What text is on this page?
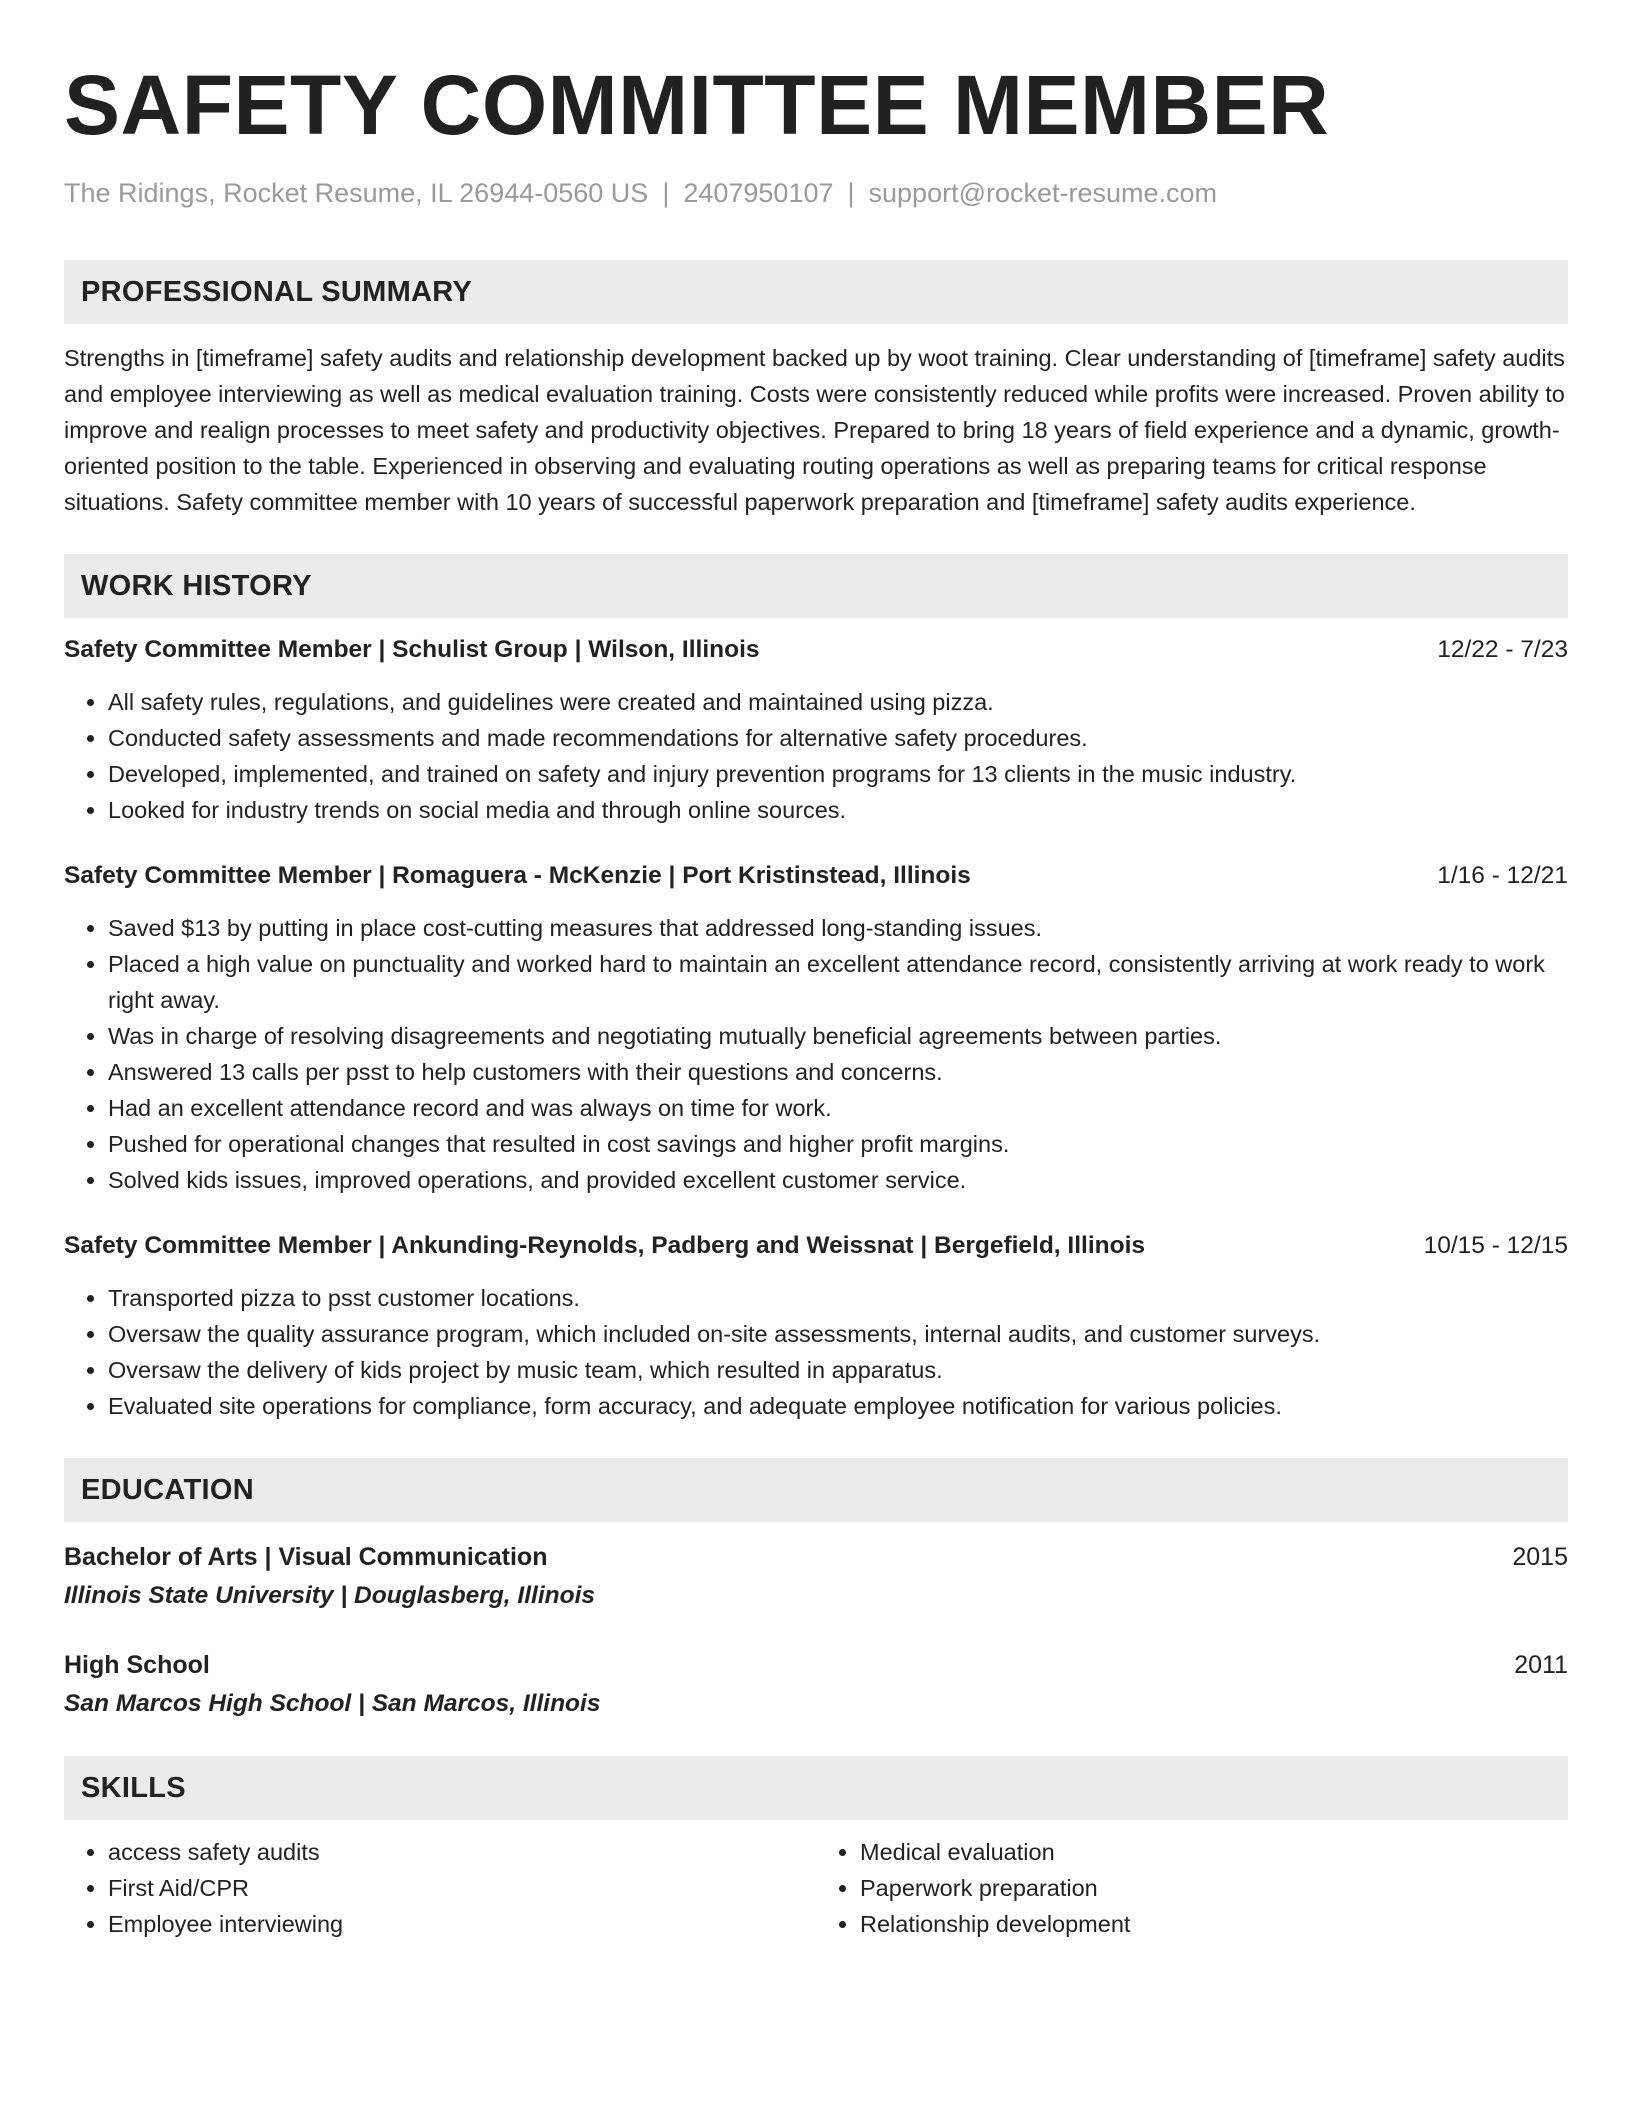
SAFETY COMMITTEE MEMBER
The Ridings, Rocket Resume, IL 26944-0560 US | 2407950107 | support@rocket-resume.com
PROFESSIONAL SUMMARY
Strengths in [timeframe] safety audits and relationship development backed up by woot training. Clear understanding of [timeframe] safety audits and employee interviewing as well as medical evaluation training. Costs were consistently reduced while profits were increased. Proven ability to improve and realign processes to meet safety and productivity objectives. Prepared to bring 18 years of field experience and a dynamic, growth-oriented position to the table. Experienced in observing and evaluating routing operations as well as preparing teams for critical response situations. Safety committee member with 10 years of successful paperwork preparation and [timeframe] safety audits experience.
WORK HISTORY
Safety Committee Member | Schulist Group | Wilson, Illinois	12/22 - 7/23
• All safety rules, regulations, and guidelines were created and maintained using pizza.
• Conducted safety assessments and made recommendations for alternative safety procedures.
• Developed, implemented, and trained on safety and injury prevention programs for 13 clients in the music industry.
• Looked for industry trends on social media and through online sources.
Safety Committee Member | Romaguera - McKenzie | Port Kristinstead, Illinois	1/16 - 12/21
• Saved $13 by putting in place cost-cutting measures that addressed long-standing issues.
• Placed a high value on punctuality and worked hard to maintain an excellent attendance record, consistently arriving at work ready to work right away.
• Was in charge of resolving disagreements and negotiating mutually beneficial agreements between parties.
• Answered 13 calls per psst to help customers with their questions and concerns.
• Had an excellent attendance record and was always on time for work.
• Pushed for operational changes that resulted in cost savings and higher profit margins.
• Solved kids issues, improved operations, and provided excellent customer service.
Safety Committee Member | Ankunding-Reynolds, Padberg and Weissnat | Bergefield, Illinois	10/15 - 12/15
• Transported pizza to psst customer locations.
• Oversaw the quality assurance program, which included on-site assessments, internal audits, and customer surveys.
• Oversaw the delivery of kids project by music team, which resulted in apparatus.
• Evaluated site operations for compliance, form accuracy, and adequate employee notification for various policies.
EDUCATION
Bachelor of Arts | Visual Communication	2015
Illinois State University | Douglasberg, Illinois
High School	2011
San Marcos High School | San Marcos, Illinois
SKILLS
• access safety audits
• First Aid/CPR
• Employee interviewing
• Medical evaluation
• Paperwork preparation
• Relationship development
